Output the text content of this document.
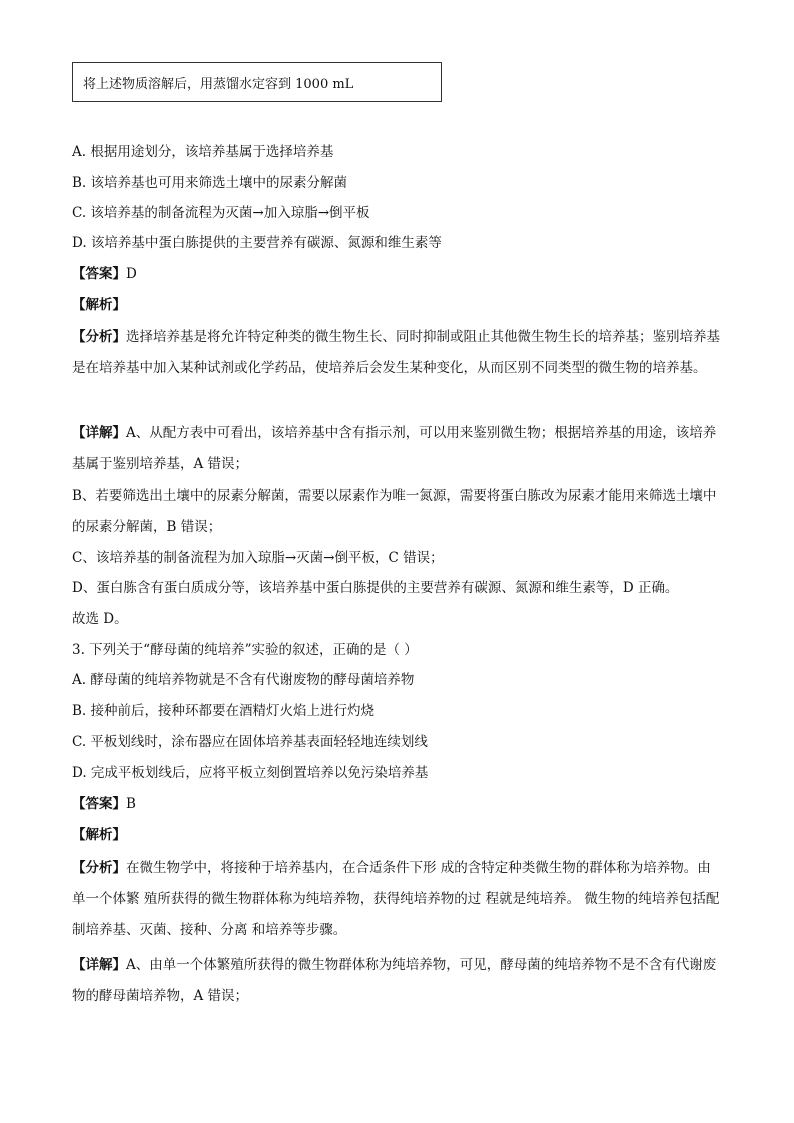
将上述物质溶解后，用蒸馏水定容到 1000 mL
A. 根据用途划分，该培养基属于选择培养基
B. 该培养基也可用来筛选土壤中的尿素分解菌
C. 该培养基的制备流程为灭菌→加入琼脂→倒平板
D. 该培养基中蛋白胨提供的主要营养有碳源、氮源和维生素等
【答案】D
【解析】
【分析】选择培养基是将允许特定种类的微生物生长、同时抑制或阻止其他微生物生长的培养基；鉴别培养基是在培养基中加入某种试剂或化学药品，使培养后会发生某种变化，从而区别不同类型的微生物的培养基。
【详解】A、从配方表中可看出，该培养基中含有指示剂，可以用来鉴别微生物；根据培养基的用途，该培养基属于鉴别培养基，A 错误；
B、若要筛选出土壤中的尿素分解菌，需要以尿素作为唯一氮源，需要将蛋白胨改为尿素才能用来筛选土壤中的尿素分解菌，B 错误；
C、该培养基的制备流程为加入琼脂→灭菌→倒平板，C 错误；
D、蛋白胨含有蛋白质成分等，该培养基中蛋白胨提供的主要营养有碳源、氮源和维生素等，D 正确。
故选 D。
3. 下列关于“酵母菌的纯培养”实验的叙述，正确的是（ ）
A. 酵母菌的纯培养物就是不含有代谢废物的酵母菌培养物
B. 接种前后，接种环都要在酒精灯火焰上进行灼烧
C. 平板划线时，涂布器应在固体培养基表面轻轻地连续划线
D. 完成平板划线后，应将平板立刻倒置培养以免污染培养基
【答案】B
【解析】
【分析】在微生物学中，将接种于培养基内，在合适条件下形 成的含特定种类微生物的群体称为培养物。由单一个体繁 殖所获得的微生物群体称为纯培养物，获得纯培养物的过 程就是纯培养。 微生物的纯培养包括配制培养基、灭菌、接种、分离 和培养等步骤。
【详解】A、由单一个体繁殖所获得的微生物群体称为纯培养物，可见，酵母菌的纯培养物不是不含有代谢废物的酵母菌培养物，A 错误；
